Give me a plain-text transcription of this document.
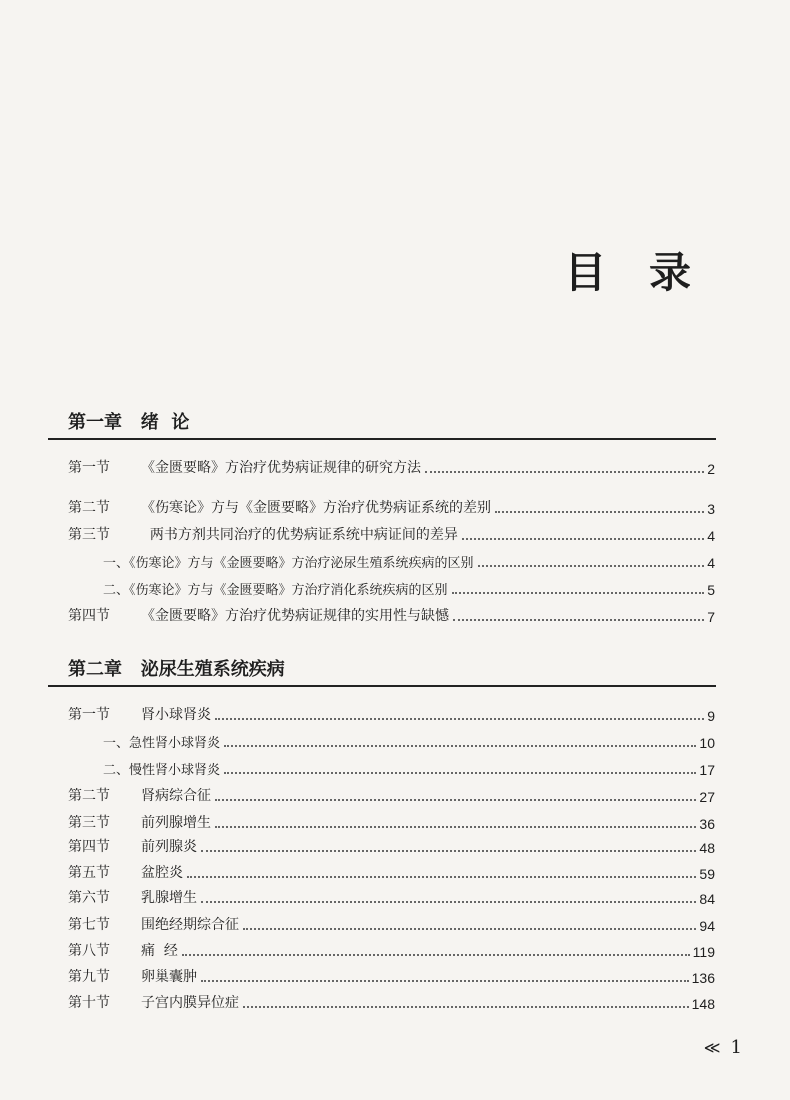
目 录
第一章   绪  论
第一节	《金匮要略》方治疗优势病证规律的研究方法	2
第二节	《伤寒论》方与《金匮要略》方治疗优势病证系统的差别	3
第三节	两书方剂共同治疗的优势病证系统中病证间的差异	4
一、《伤寒论》方与《金匮要略》方治疗泌尿生殖系统疾病的区别	4
二、《伤寒论》方与《金匮要略》方治疗消化系统疾病的区别	5
第四节	《金匮要略》方治疗优势病证规律的实用性与缺憾	7
第二章   泌尿生殖系统疾病
第一节	肾小球肾炎	9
一、急性肾小球肾炎	10
二、慢性肾小球肾炎	17
第二节	肾病综合征	27
第三节	前列腺增生	36
第四节	前列腺炎	48
第五节	盆腔炎	59
第六节	乳腺增生	84
第七节	围绝经期综合征	94
第八节	痛  经	119
第九节	卵巢囊肿	136
第十节	子宫内膜异位症	148
≪ 1
